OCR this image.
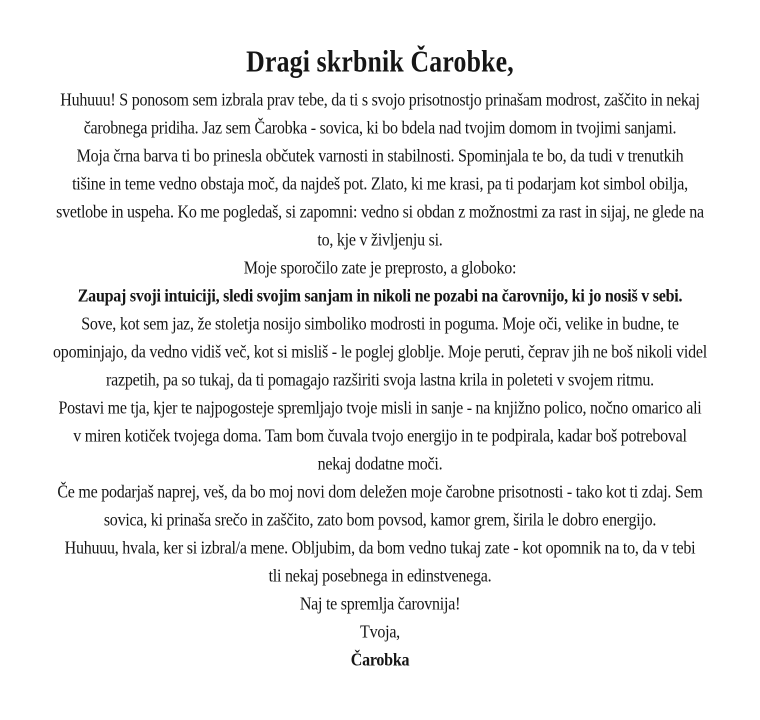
Dragi skrbnik Čarobke,
Huhuuu! S ponosom sem izbrala prav tebe, da ti s svojo prisotnostjo prinašam modrost, zaščito in nekaj
čarobnega pridiha. Jaz sem Čarobka - sovica, ki bo bdela nad tvojim domom in tvojimi sanjami.
Moja črna barva ti bo prinesla občutek varnosti in stabilnosti. Spominjala te bo, da tudi v trenutkih
tišine in teme vedno obstaja moč, da najdeš pot. Zlato, ki me krasi, pa ti podarjam kot simbol obilja,
svetlobe in uspeha. Ko me pogledaš, si zapomni: vedno si obdan z možnostmi za rast in sijaj, ne glede na
to, kje v življenju si.
Moje sporočilo zate je preprosto, a globoko:
Zaupaj svoji intuiciji, sledi svojim sanjam in nikoli ne pozabi na čarovnijo, ki jo nosiš v sebi.
Sove, kot sem jaz, že stoletja nosijo simboliko modrosti in poguma. Moje oči, velike in budne, te
opominjajo, da vedno vidiš več, kot si misliš - le poglej globlje. Moje peruti, čeprav jih ne boš nikoli videl
razpetih, pa so tukaj, da ti pomagajo razširiti svoja lastna krila in poleteti v svojem ritmu.
Postavi me tja, kjer te najpogosteje spremljajo tvoje misli in sanje - na knjižno polico, nočno omarico ali
v miren kotiček tvojega doma. Tam bom čuvala tvojo energijo in te podpirala, kadar boš potreboval
nekaj dodatne moči.
Če me podarjaš naprej, veš, da bo moj novi dom deležen moje čarobne prisotnosti - tako kot ti zdaj. Sem
sovica, ki prinaša srečo in zaščito, zato bom povsod, kamor grem, širila le dobro energijo.
Huhuuu, hvala, ker si izbral/a mene. Obljubim, da bom vedno tukaj zate - kot opomnik na to, da v tebi
tli nekaj posebnega in edinstvenega.
Naj te spremlja čarovnija!
Tvoja,
Čarobka
